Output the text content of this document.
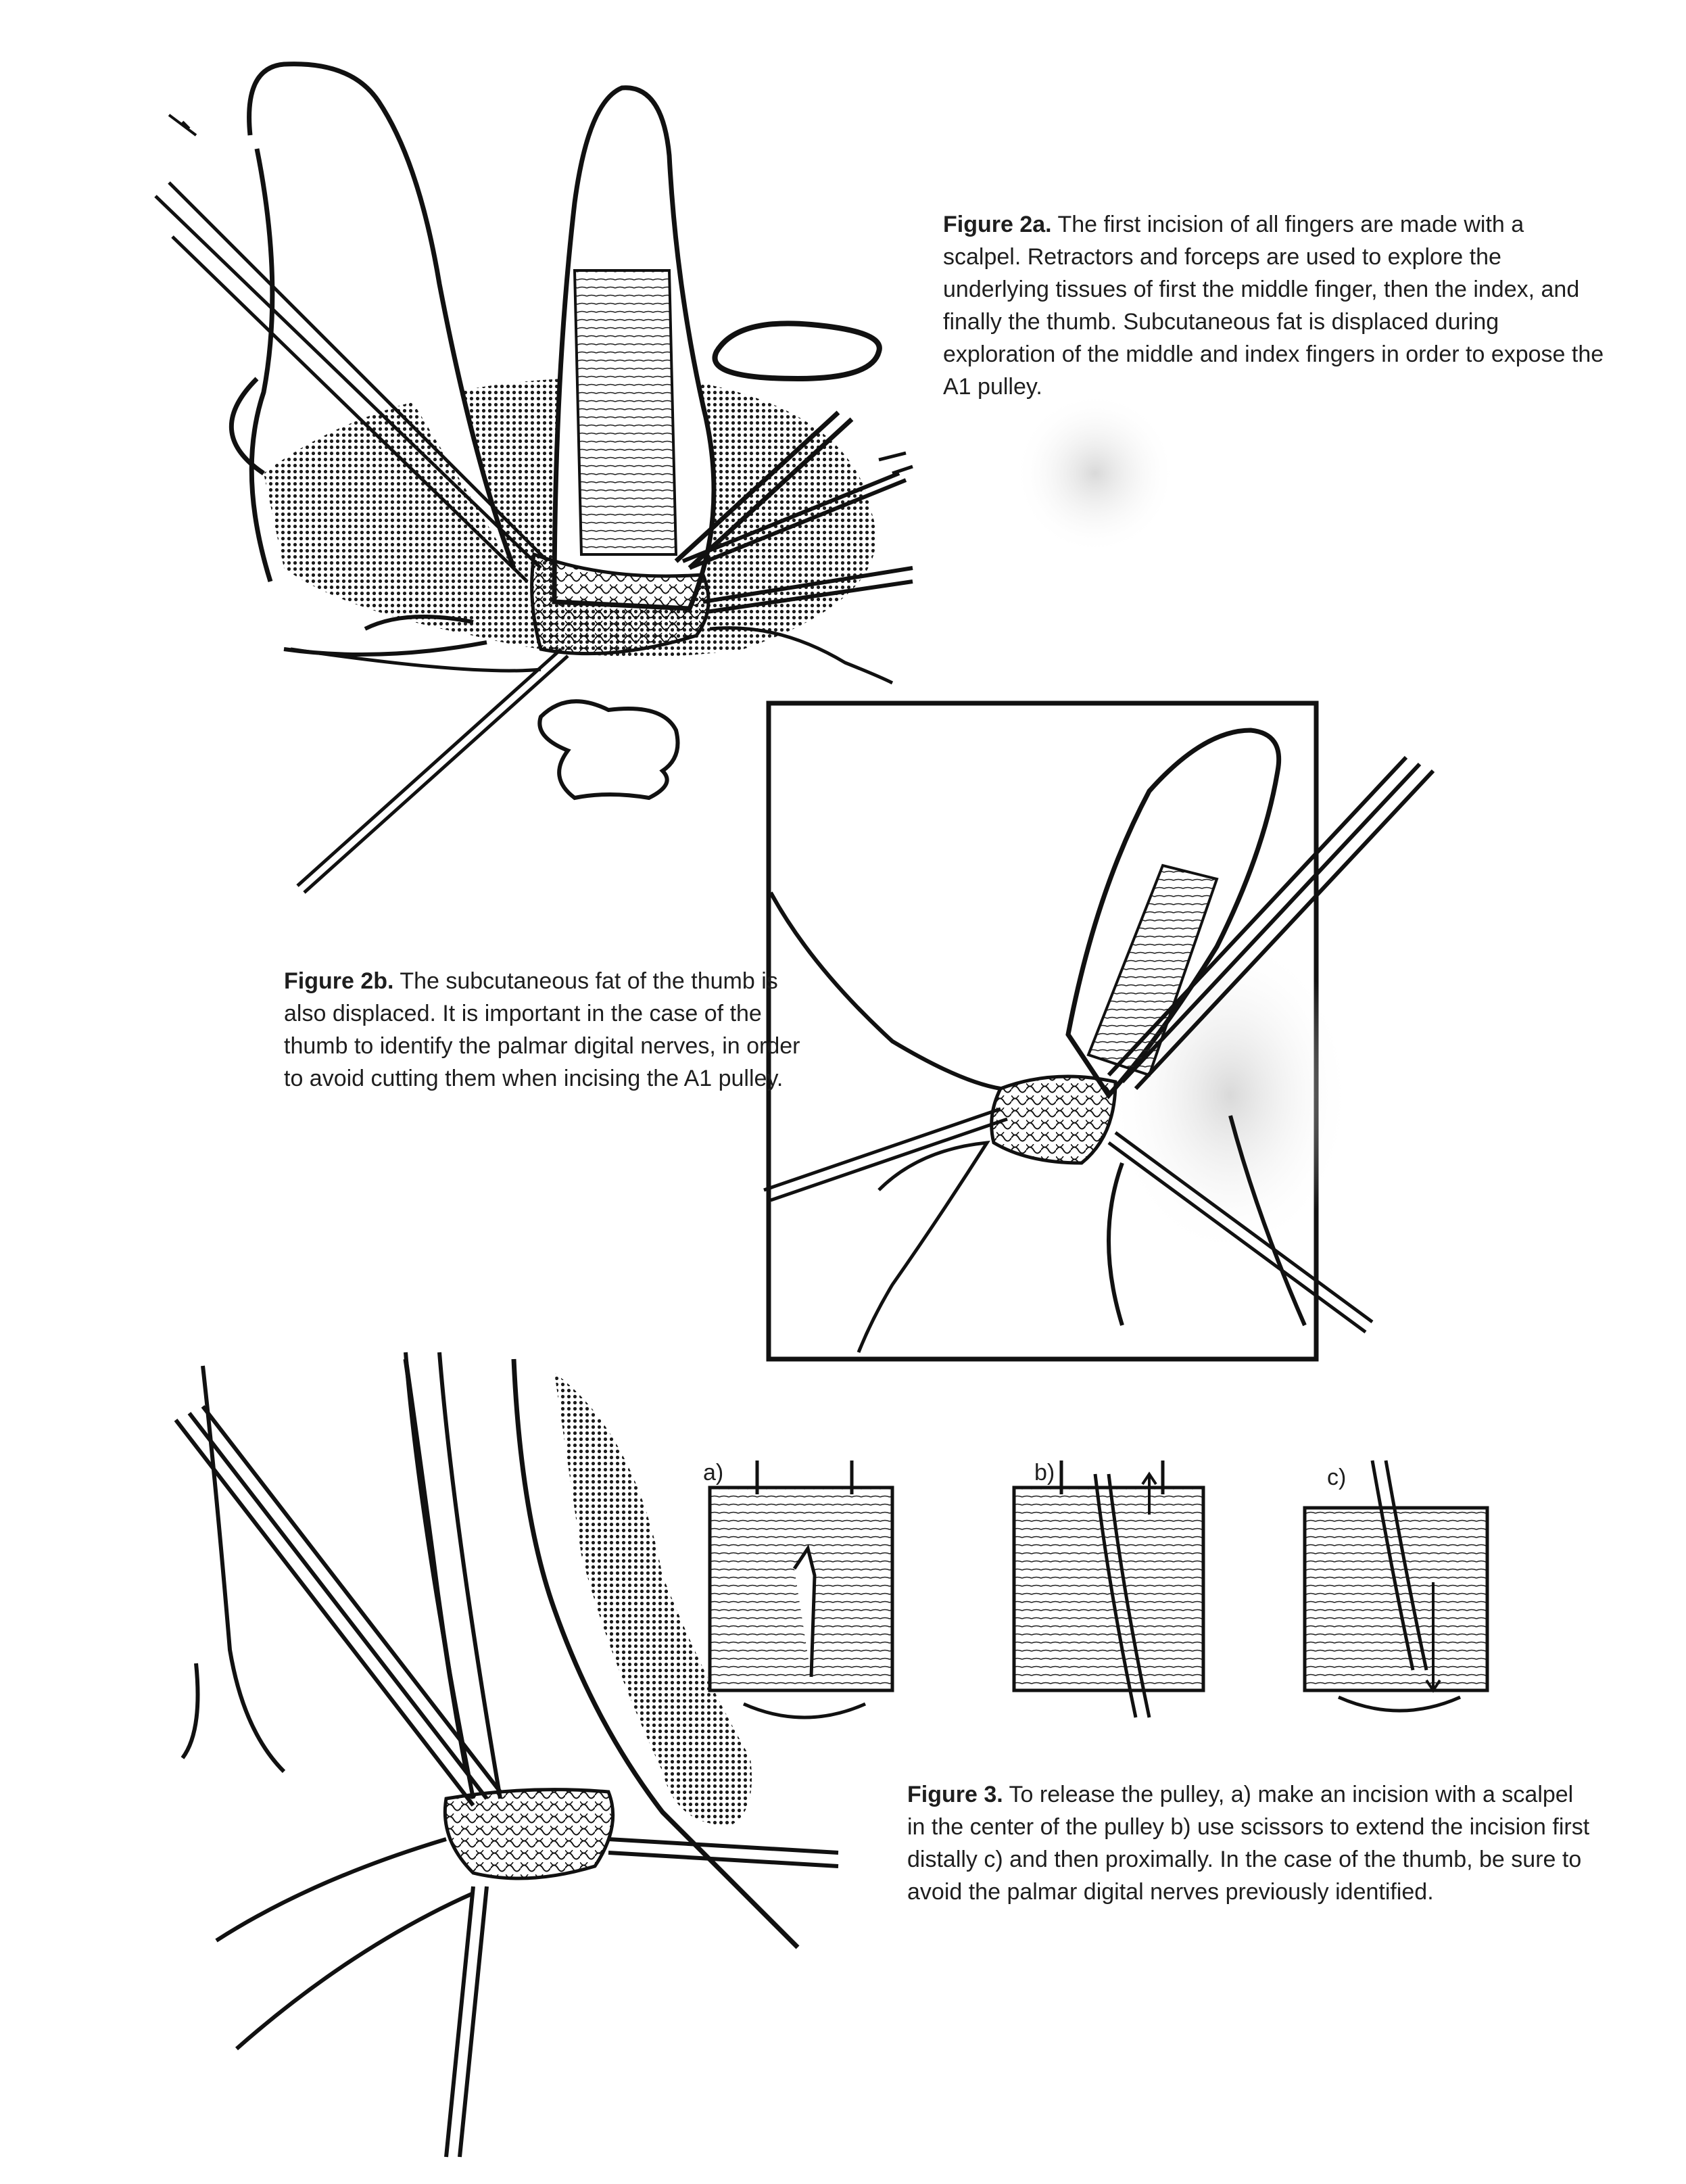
Figure 2a. The first incision of all fingers are made with a scalpel. Retractors and forceps are used to explore the underlying tissues of first the middle finger, then the index, and finally the thumb. Subcutaneous fat is displaced during exploration of the middle and index fingers in order to expose the A1 pulley.
Figure 2b. The subcutaneous fat of the thumb is also displaced. It is important in the case of the thumb to identify the palmar digital nerves, in order to avoid cutting them when incising the A1 pulley.
Figure 3. To release the pulley, a) make an incision with a scalpel in the center of the pulley b) use scissors to extend the incision first distally c) and then proximally. In the case of the thumb, be sure to avoid the palmar digital nerves previously identified.
a)	b)	c)
